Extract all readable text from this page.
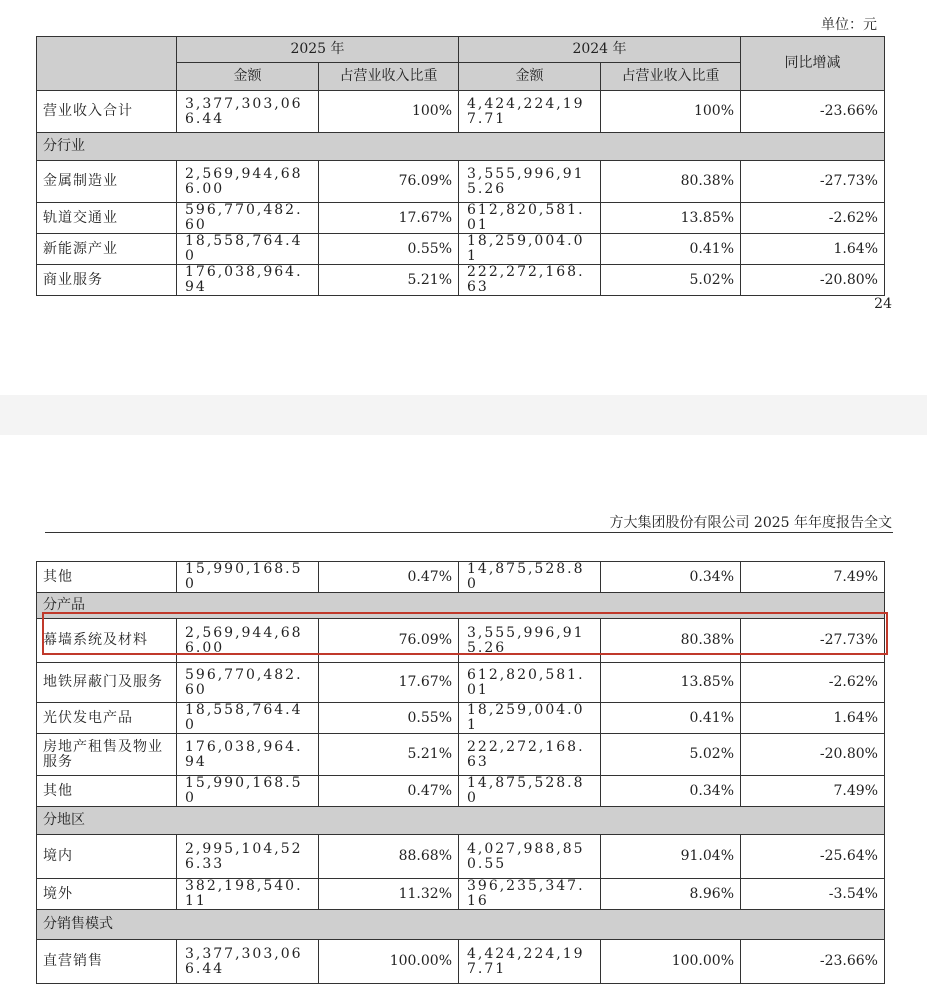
单位：元
	2025 年		2024 年		同比增减
	金额	占营业收入比重	金额	占营业收入比重	
营业收入合计	3,377,303,066.44	100%	4,424,224,197.71	100%	-23.66%
分行业					
金属制造业	2,569,944,686.00	76.09%	3,555,996,915.26	80.38%	-27.73%
轨道交通业	596,770,482.60	17.67%	612,820,581.01	13.85%	-2.62%
新能源产业	18,558,764.40	0.55%	18,259,004.01	0.41%	1.64%
商业服务	176,038,964.94	5.21%	222,272,168.63	5.02%	-20.80%
24
方大集团股份有限公司 2025 年年度报告全文
其他	15,990,168.50	0.47%	14,875,528.80	0.34%	7.49%
分产品					
幕墙系统及材料	2,569,944,686.00	76.09%	3,555,996,915.26	80.38%	-27.73%
地铁屏蔽门及服务	596,770,482.60	17.67%	612,820,581.01	13.85%	-2.62%
光伏发电产品	18,558,764.40	0.55%	18,259,004.01	0.41%	1.64%
房地产租售及物业服务	176,038,964.94	5.21%	222,272,168.63	5.02%	-20.80%
其他	15,990,168.50	0.47%	14,875,528.80	0.34%	7.49%
分地区					
境内	2,995,104,526.33	88.68%	4,027,988,850.55	91.04%	-25.64%
境外	382,198,540.11	11.32%	396,235,347.16	8.96%	-3.54%
分销售模式					
直营销售	3,377,303,066.44	100.00%	4,424,224,197.71	100.00%	-23.66%
